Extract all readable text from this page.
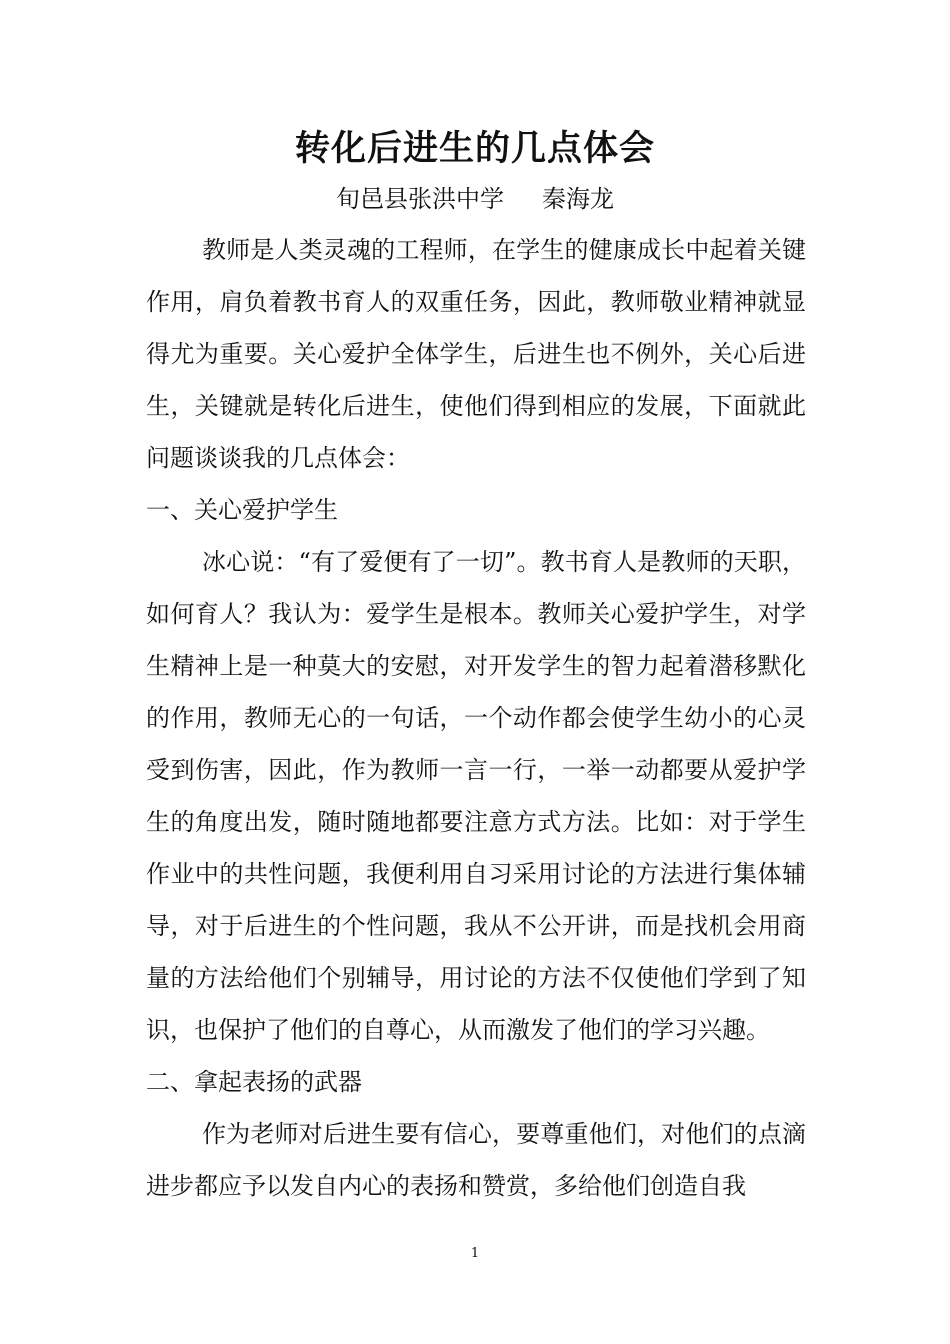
转化后进生的几点体会
旬邑县张洪中学 秦海龙

教师是人类灵魂的工程师，在学生的健康成长中起着关键作用，肩负着教书育人的双重任务，因此，教师敬业精神就显得尤为重要。关心爱护全体学生，后进生也不例外，关心后进生，关键就是转化后进生，使他们得到相应的发展，下面就此问题谈谈我的几点体会：

一、关心爱护学生

冰心说：“有了爱便有了一切”。教书育人是教师的天职，如何育人？我认为：爱学生是根本。教师关心爱护学生，对学生精神上是一种莫大的安慰，对开发学生的智力起着潜移默化的作用，教师无心的一句话，一个动作都会使学生幼小的心灵受到伤害，因此，作为教师一言一行，一举一动都要从爱护学生的角度出发，随时随地都要注意方式方法。比如：对于学生作业中的共性问题，我便利用自习采用讨论的方法进行集体辅导，对于后进生的个性问题，我从不公开讲，而是找机会用商量的方法给他们个别辅导，用讨论的方法不仅使他们学到了知识，也保护了他们的自尊心，从而激发了他们的学习兴趣。

二、拿起表扬的武器

作为老师对后进生要有信心，要尊重他们，对他们的点滴进步都应予以发自内心的表扬和赞赏，多给他们创造自我

1
